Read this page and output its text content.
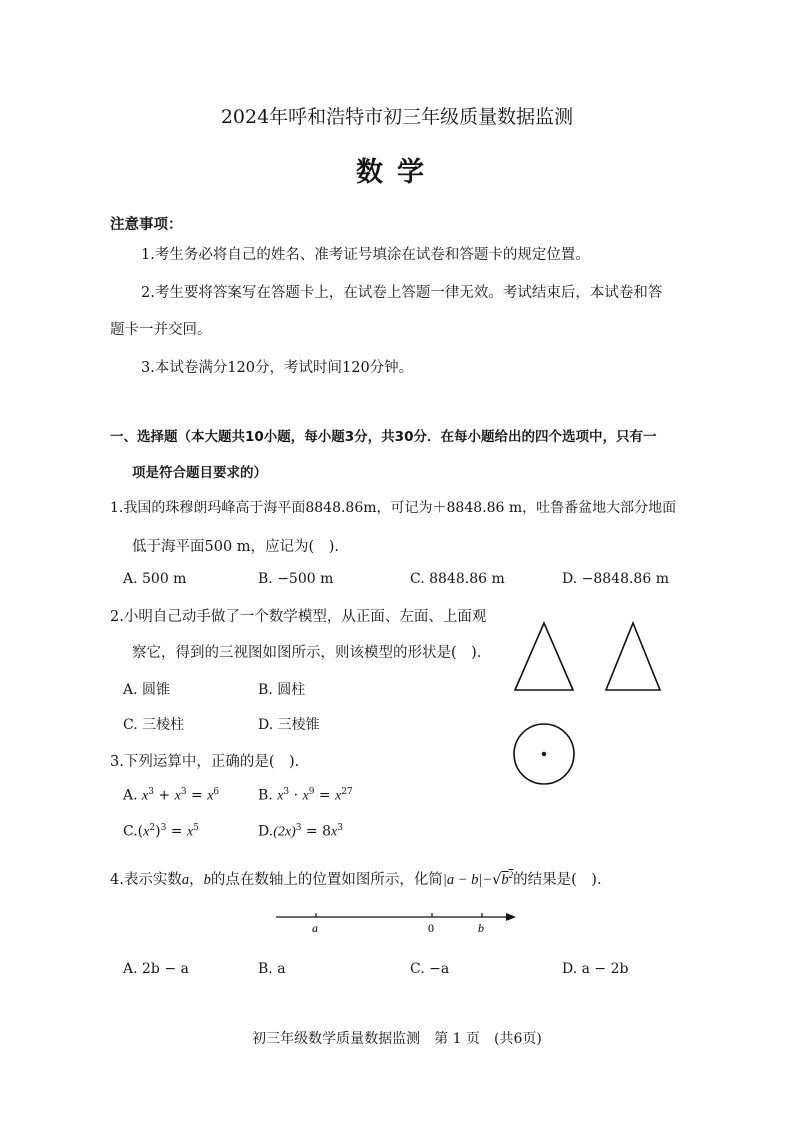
2024年呼和浩特市初三年级质量数据监测
数学
注意事项：
1.考生务必将自己的姓名、准考证号填涂在试卷和答题卡的规定位置。
2.考生要将答案写在答题卡上，在试卷上答题一律无效。考试结束后，本试卷和答
题卡一并交回。
3.本试卷满分120分，考试时间120分钟。
一、选择题（本大题共10小题，每小题3分，共30分．在每小题给出的四个选项中，只有一
项是符合题目要求的）
1.我国的珠穆朗玛峰高于海平面8848.86m，可记为＋8848.86 m，吐鲁番盆地大部分地面
低于海平面500 m，应记为(　).
A. 500 m	B. −500 m	C. 8848.86 m	D. −8848.86 m
2.小明自己动手做了一个数学模型，从正面、左面、上面观
察它，得到的三视图如图所示，则该模型的形状是(　).
A. 圆锥	B. 圆柱
C. 三棱柱	D. 三棱锥
3.下列运算中，正确的是(　).
A. $x^3 + x^3 = x^6$	B. $x^3 \cdot x^9 = x^{27}$
$C.(x^2)^3 = x^5$	$D.(2x)^3 = 8x^3$
4.表示实数a，b的点在数轴上的位置如图所示，化简$|a - b|-√b^2$的结果是(　).
a	0	b
A. 2b − a	B. a	C. −a	D. a − 2b
初三年级数学质量数据监测　第 1 页　(共6页)
